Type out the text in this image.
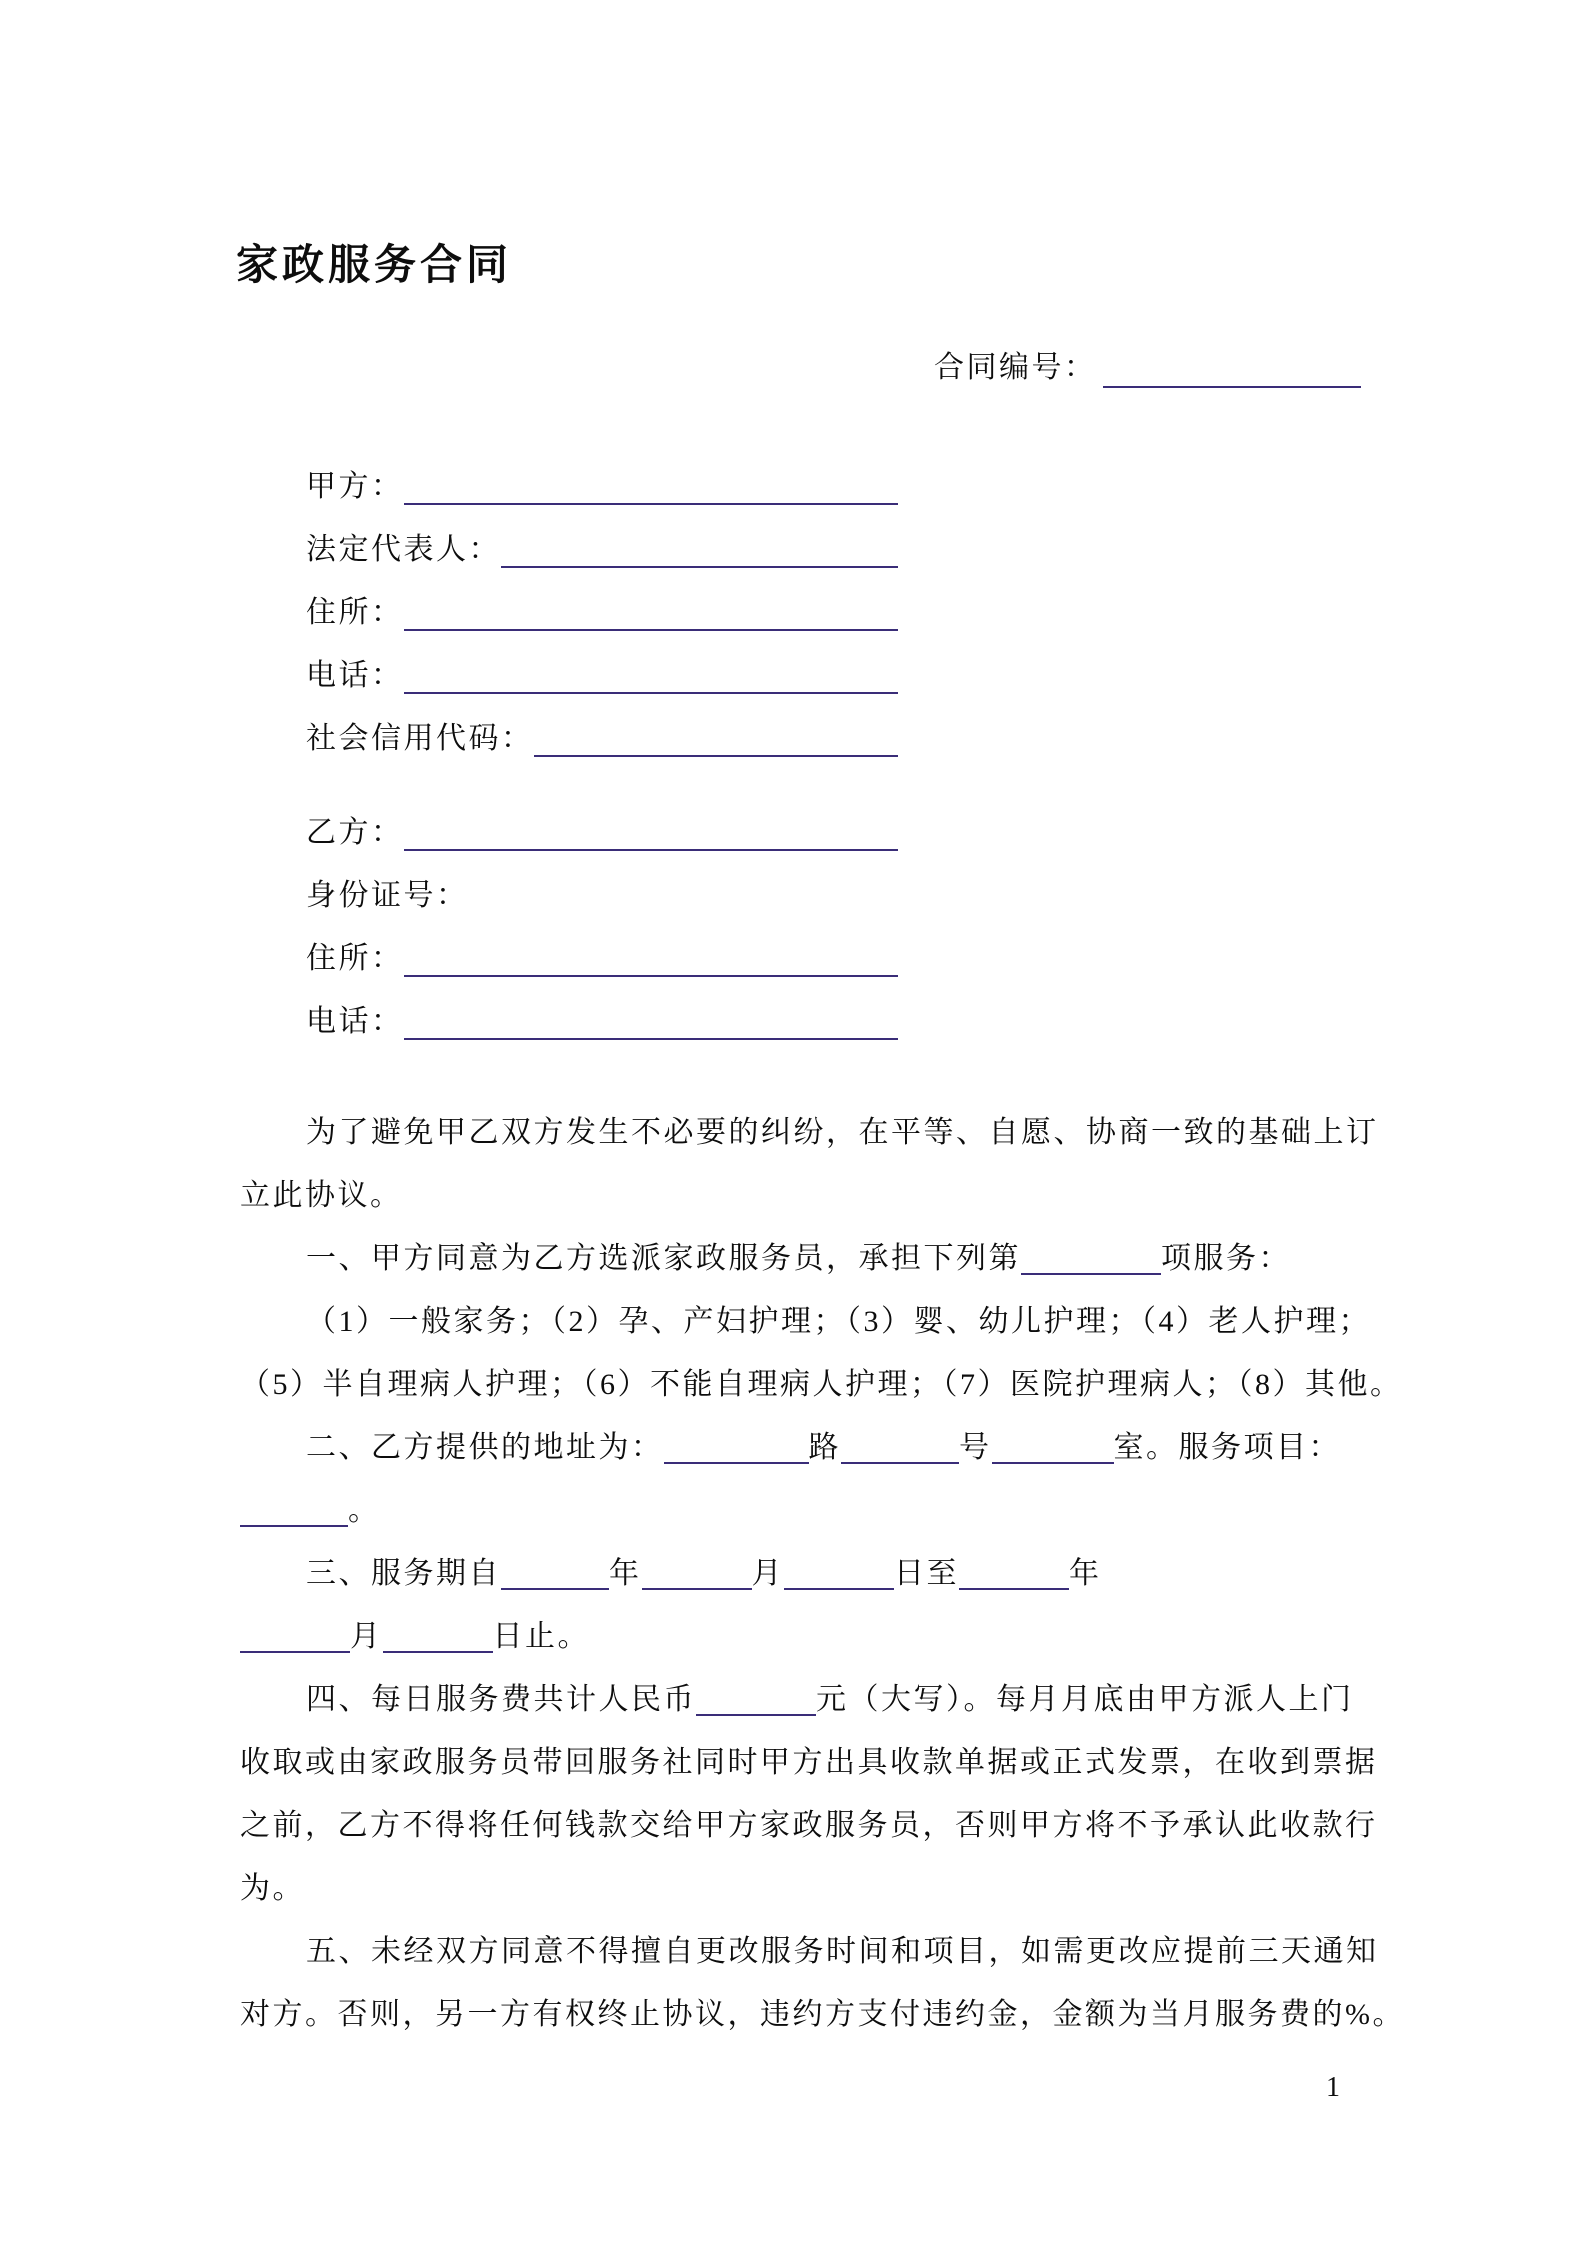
家政服务合同
合同编号：
甲方：
法定代表人：
住所：
电话：
社会信用代码：
乙方：
身份证号：
住所：
电话：
为了避免甲乙双方发生不必要的纠纷，在平等、自愿、协商一致的基础上订
立此协议。
一、甲方同意为乙方选派家政服务员，承担下列第	项服务：
（1）一般家务；（2）孕、产妇护理；（3）婴、幼儿护理；（4）老人护理；
（5）半自理病人护理；（6）不能自理病人护理；（7）医院护理病人；（8）其他。
二、乙方提供的地址为：	路	号	室。服务项目：
。
三、服务期自	年	月	日至	年
月	日止。
四、每日服务费共计人民币	元（大写）。每月月底由甲方派人上门
收取或由家政服务员带回服务社同时甲方出具收款单据或正式发票，在收到票据
之前，乙方不得将任何钱款交给甲方家政服务员，否则甲方将不予承认此收款行
为。
五、未经双方同意不得擅自更改服务时间和项目，如需更改应提前三天通知
对方。否则，另一方有权终止协议，违约方支付违约金，金额为当月服务费的%。
1
